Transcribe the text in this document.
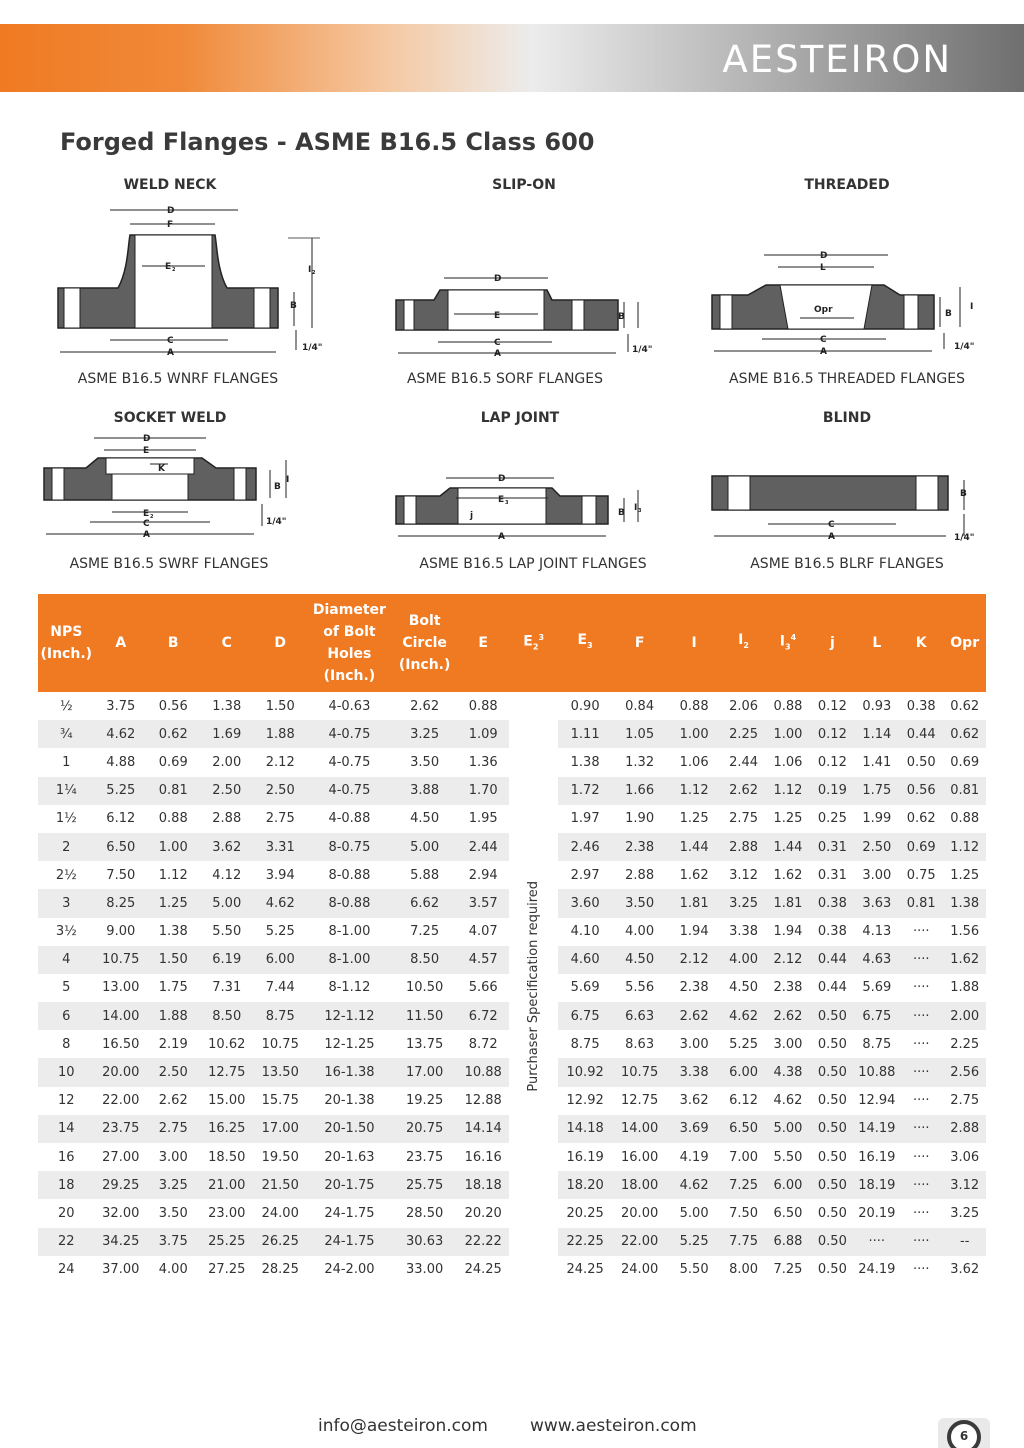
AESTEIRON
Forged Flanges - ASME B16.5 Class 600
WELD NECK	SLIP-ON	THREADED
SOCKET WELD	LAP JOINT	BLIND
ASME B16.5 WNRF FLANGES	ASME B16.5 SORF FLANGES	ASME B16.5 THREADED FLANGES
ASME B16.5 SWRF FLANGES	ASME B16.5 LAP JOINT FLANGES	ASME B16.5 BLRF FLANGES
D
F
E 2	I 2
B
C
A	1/4"
D
E	B
C
A	1/4"
D
L
Opr	B
I
C
A	1/4"
D
E
K
E 2
C
A
B
I
1/4"
D
E 3
j	B I 3
A
C
A
B
1/4"
NPS (Inch.)	A	B	C	D	Diameter of Bolt Holes (Inch.)	Bolt Circle (Inch.)	E	$E_2^3$	$E_3$	F	I	$I_2$	$I_3^4$	j	L	K	Opr
½	3.75	0.56	1.38	1.50	4-0.63	2.62	0.88	Purchaser Specification required	0.90	0.84	0.88	2.06	0.88	0.12	0.93	0.38	0.62
¾	4.62	0.62	1.69	1.88	4-0.75	3.25	1.09		1.11	1.05	1.00	2.25	1.00	0.12	1.14	0.44	0.62
1	4.88	0.69	2.00	2.12	4-0.75	3.50	1.36		1.38	1.32	1.06	2.44	1.06	0.12	1.41	0.50	0.69
1¼	5.25	0.81	2.50	2.50	4-0.75	3.88	1.70		1.72	1.66	1.12	2.62	1.12	0.19	1.75	0.56	0.81
1½	6.12	0.88	2.88	2.75	4-0.88	4.50	1.95		1.97	1.90	1.25	2.75	1.25	0.25	1.99	0.62	0.88
2	6.50	1.00	3.62	3.31	8-0.75	5.00	2.44		2.46	2.38	1.44	2.88	1.44	0.31	2.50	0.69	1.12
2½	7.50	1.12	4.12	3.94	8-0.88	5.88	2.94		2.97	2.88	1.62	3.12	1.62	0.31	3.00	0.75	1.25
3	8.25	1.25	5.00	4.62	8-0.88	6.62	3.57		3.60	3.50	1.81	3.25	1.81	0.38	3.63	0.81	1.38
3½	9.00	1.38	5.50	5.25	8-1.00	7.25	4.07		4.10	4.00	1.94	3.38	1.94	0.38	4.13	····	1.56
4	10.75	1.50	6.19	6.00	8-1.00	8.50	4.57		4.60	4.50	2.12	4.00	2.12	0.44	4.63	····	1.62
5	13.00	1.75	7.31	7.44	8-1.12	10.50	5.66		5.69	5.56	2.38	4.50	2.38	0.44	5.69	····	1.88
6	14.00	1.88	8.50	8.75	12-1.12	11.50	6.72		6.75	6.63	2.62	4.62	2.62	0.50	6.75	····	2.00
8	16.50	2.19	10.62	10.75	12-1.25	13.75	8.72		8.75	8.63	3.00	5.25	3.00	0.50	8.75	····	2.25
10	20.00	2.50	12.75	13.50	16-1.38	17.00	10.88		10.92	10.75	3.38	6.00	4.38	0.50	10.88	····	2.56
12	22.00	2.62	15.00	15.75	20-1.38	19.25	12.88		12.92	12.75	3.62	6.12	4.62	0.50	12.94	····	2.75
14	23.75	2.75	16.25	17.00	20-1.50	20.75	14.14		14.18	14.00	3.69	6.50	5.00	0.50	14.19	····	2.88
16	27.00	3.00	18.50	19.50	20-1.63	23.75	16.16		16.19	16.00	4.19	7.00	5.50	0.50	16.19	····	3.06
18	29.25	3.25	21.00	21.50	20-1.75	25.75	18.18		18.20	18.00	4.62	7.25	6.00	0.50	18.19	····	3.12
20	32.00	3.50	23.00	24.00	24-1.75	28.50	20.20		20.25	20.00	5.00	7.50	6.50	0.50	20.19	····	3.25
22	34.25	3.75	25.25	26.25	24-1.75	30.63	22.22		22.25	22.00	5.25	7.75	6.88	0.50	····	····	--
24	37.00	4.00	27.25	28.25	24-2.00	33.00	24.25		24.25	24.00	5.50	8.00	7.25	0.50	24.19	····	3.62
info@aesteiron.com www.aesteiron.com	6
